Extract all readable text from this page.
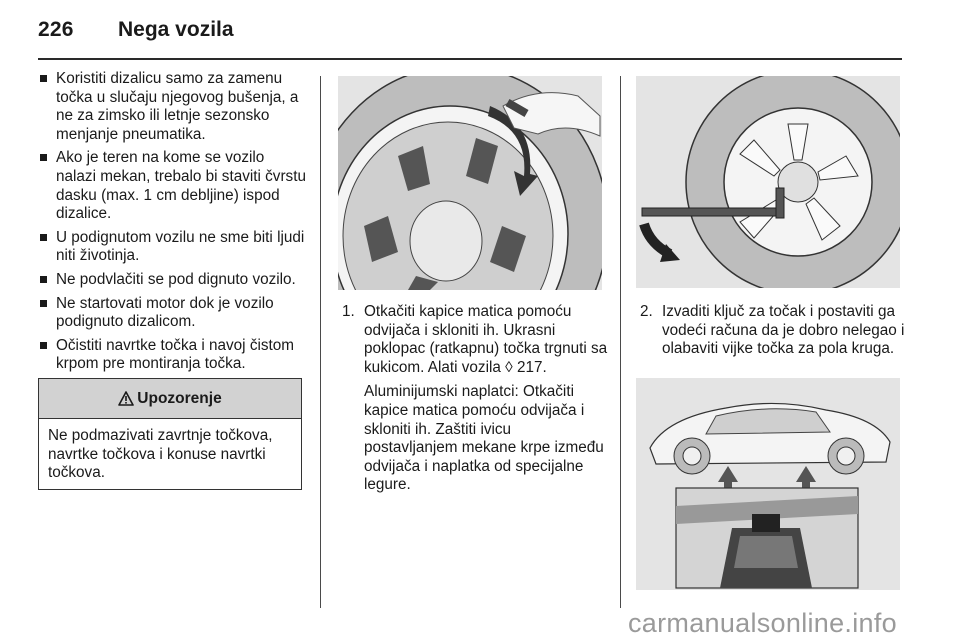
226 Nega vozila
Koristiti dizalicu samo za zamenu točka u slučaju njegovog bušenja, a ne za zimsko ili letnje sezonsko menjanje pneumatika.
Ako je teren na kome se vozilo nalazi mekan, trebalo bi staviti čvrstu dasku (max. 1 cm debljine) ispod dizalice.
U podignutom vozilu ne sme biti ljudi niti životinja.
Ne podvlačiti se pod dignuto vozilo.
Ne startovati motor dok je vozilo podignuto dizalicom.
Očistiti navrtke točka i navoj čistom krpom pre montiranja točka.
Upozorenje
Ne podmazivati zavrtnje točkova, navrtke točkova i konuse navrtki točkova.
1. Otkačiti kapice matica pomoću odvijača i skloniti ih. Ukrasni poklopac (ratkapnu) točka trgnuti sa kukicom. Alati vozila ◊ 217.
Aluminijumski naplatci: Otkačiti kapice matica pomoću odvijača i skloniti ih. Zaštiti ivicu postavljanjem mekane krpe između odvijača i naplatka od specijalne legure.
2. Izvaditi ključ za točak i postaviti ga vodeći računa da je dobro nelegao i olabaviti vijke točka za pola kruga.
carmanualsonline.info
